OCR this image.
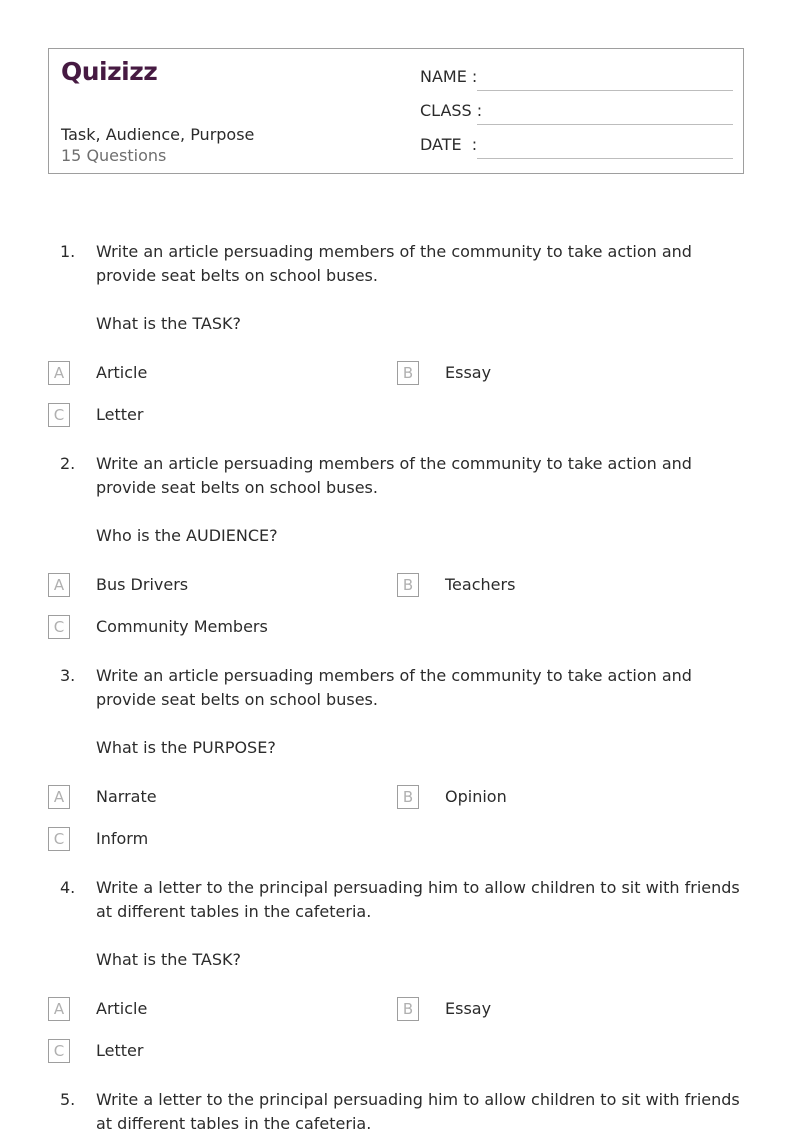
Quizizz
Task, Audience, Purpose
15 Questions
NAME :
CLASS :
DATE  :
1. Write an article persuading members of the community to take action and provide seat belts on school buses.
What is the TASK?
A	Article	B	Essay
C	Letter
2. Write an article persuading members of the community to take action and provide seat belts on school buses.
Who is the AUDIENCE?
A	Bus Drivers	B	Teachers
C	Community Members
3. Write an article persuading members of the community to take action and provide seat belts on school buses.
What is the PURPOSE?
A	Narrate	B	Opinion
C	Inform
4. Write a letter to the principal persuading him to allow children to sit with friends at different tables in the cafeteria.
What is the TASK?
A	Article	B	Essay
C	Letter
5. Write a letter to the principal persuading him to allow children to sit with friends at different tables in the cafeteria.
